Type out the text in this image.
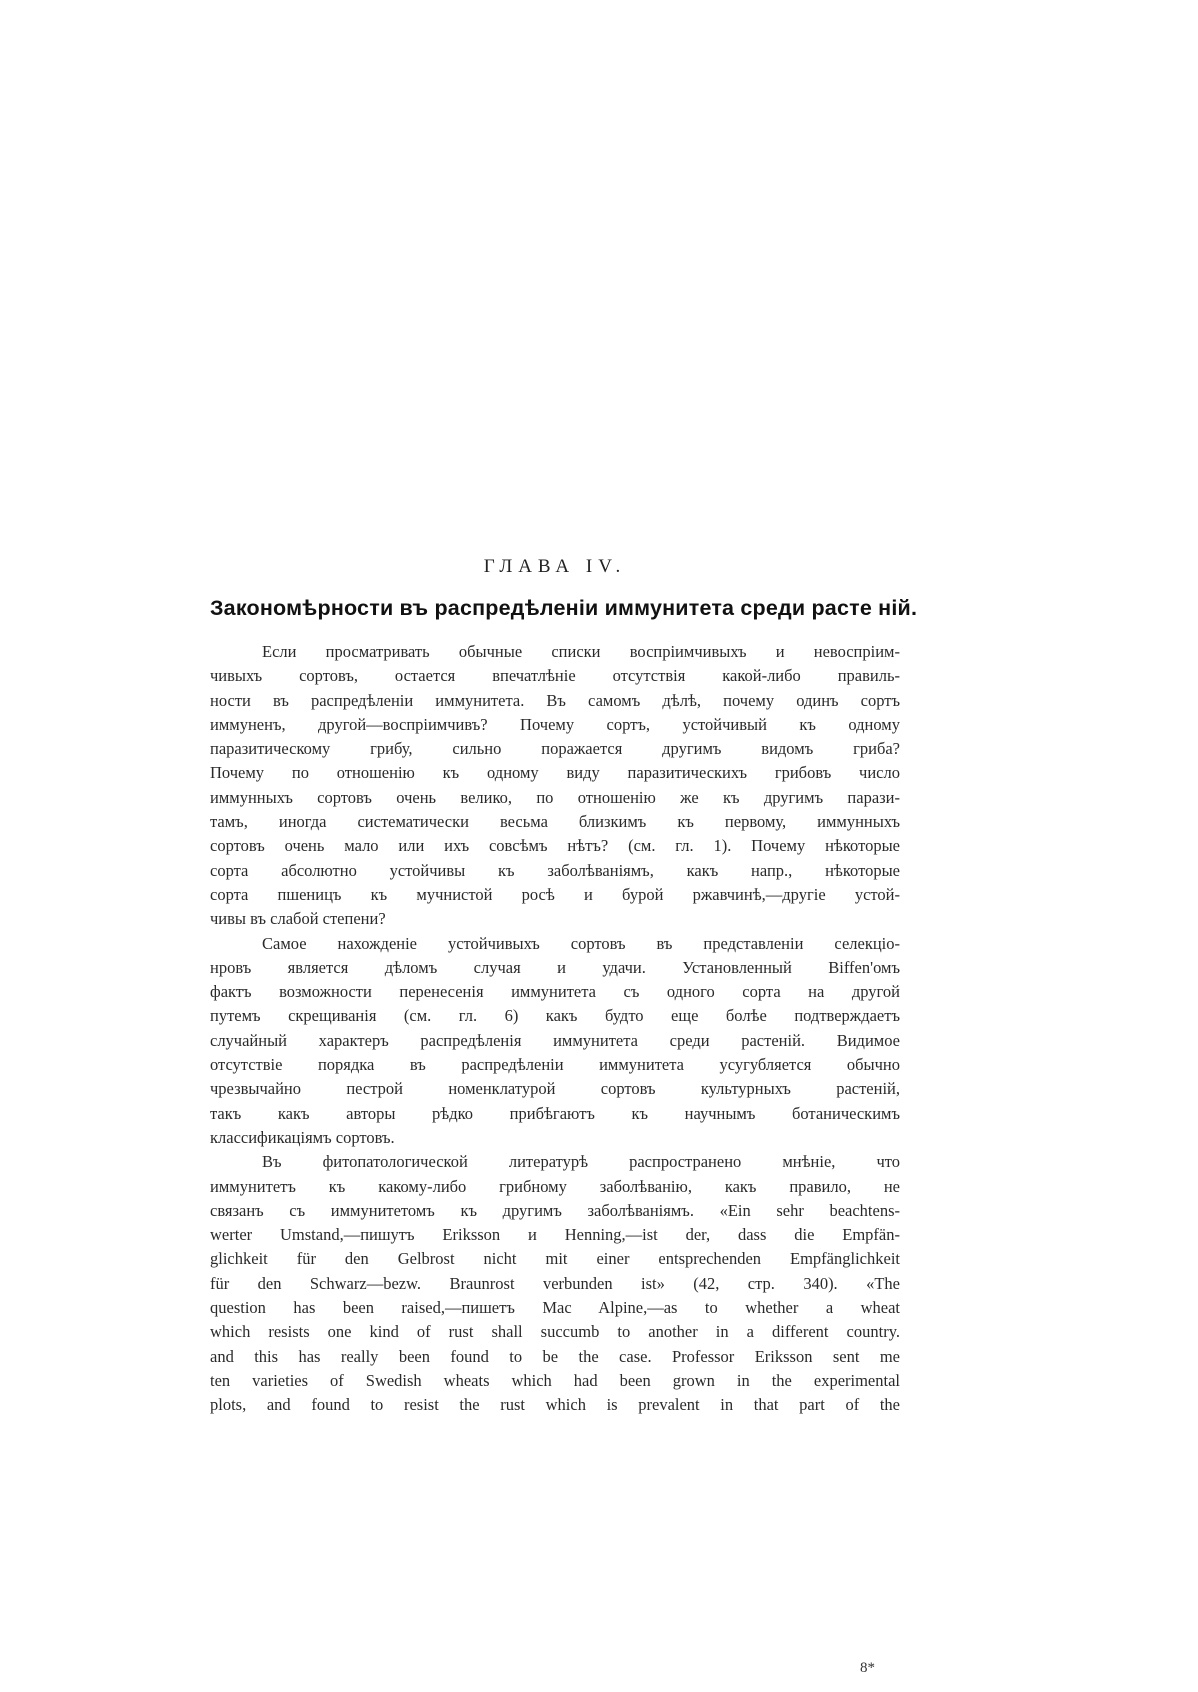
ГЛАВА IV.
Закономѣрности въ распредѣленіи иммунитета среди расте ній.
Если просматривать обычные списки воспріимчивыхъ и невоспріим-
чивыхъ сортовъ, остается впечатлѣніе отсутствія какой-либо правиль-
ности въ распредѣленіи иммунитета. Въ самомъ дѣлѣ, почему одинъ сортъ
иммуненъ, другой—воспріимчивъ? Почему сортъ, устойчивый къ одному
паразитическому грибу, сильно поражается другимъ видомъ гриба?
Почему по отношенію къ одному виду паразитическихъ грибовъ число
иммунныхъ сортовъ очень велико, по отношенію же къ другимъ парази-
тамъ, иногда систематически весьма близкимъ къ первому, иммунныхъ
сортовъ очень мало или ихъ совсѣмъ нѣтъ? (см. гл. 1). Почему нѣкоторые
сорта абсолютно устойчивы къ заболѣваніямъ, какъ напр., нѣкоторые
сорта пшеницъ къ мучнистой росѣ и бурой ржавчинѣ,—другіе устой-
чивы въ слабой степени?
Самое нахожденіе устойчивыхъ сортовъ въ представленіи селекціо-
нровъ является дѣломъ случая и удачи. Установленный Biffen'омъ
фактъ возможности перенесенія иммунитета съ одного сорта на другой
путемъ скрещиванія (см. гл. 6) какъ будто еще болѣе подтверждаетъ
случайный характеръ распредѣленія иммунитета среди растеній. Видимое
отсутствіе порядка въ распредѣленіи иммунитета усугубляется обычно
чрезвычайно пестрой номенклатурой сортовъ культурныхъ растеній,
такъ какъ авторы рѣдко прибѣгаютъ къ научнымъ ботаническимъ
классификаціямъ сортовъ.
Въ фитопатологической литературѣ распространено мнѣніе, что
иммунитетъ къ какому-либо грибному заболѣванію, какъ правило, не
связанъ съ иммунитетомъ къ другимъ заболѣваніямъ. «Ein sehr beachtens-
werter Umstand,—пишутъ Eriksson и Henning,—ist der, dass die Empfän-
glichkeit für den Gelbrost nicht mit einer entsprechenden Empfänglichkeit
für den Schwarz—bezw. Braunrost verbunden ist» (42, стр. 340). «The
question has been raised,—пишетъ Mac Alpine,—as to whether a wheat
which resists one kind of rust shall succumb to another in a different country.
and this has really been found to be the case. Professor Eriksson sent me
ten varieties of Swedish wheats which had been grown in the experimental
plots, and found to resist the rust which is prevalent in that part of the
8*
